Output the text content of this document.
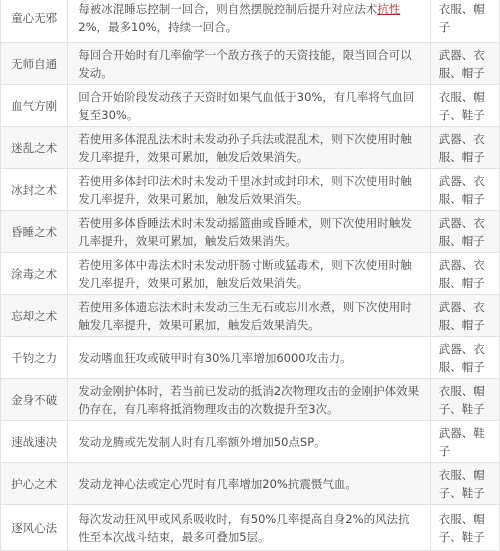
童心无邪	每被冰混睡忘控制一回合，则自然摆脱控制后提升对应法术抗性2%，最多10%，持续一回合。	衣服、帽子
无师自通	每回合开始时有几率偷学一个敌方孩子的天资技能，限当回合可以发动。	武器、衣服、帽子
血气方刚	回合开始阶段发动孩子天资时如果气血低于30%，有几率将气血回复至30%。	衣服、帽子、鞋子
迷乱之术	若使用多体混乱法术时未发动孙子兵法或混乱术，则下次使用时触发几率提升，效果可累加，触发后效果消失。	武器、衣服、帽子
冰封之术	若使用多体封印法术时未发动千里冰封或封印术，则下次使用时触发几率提升，效果可累加，触发后效果消失。	武器、衣服、帽子
昏睡之术	若使用多体昏睡法术时未发动摇篮曲或昏睡术，则下次使用时触发几率提升，效果可累加，触发后效果消失。	武器、衣服、帽子
涂毒之术	若使用多体中毒法术时未发动肝肠寸断或猛毒术，则下次使用时触发几率提升，效果可累加，触发后效果消失。	武器、衣服、帽子
忘却之术	若使用多体遗忘法术时未发动三生无石或忘川水煮，则下次使用时触发几率提升，效果可累加，触发后效果消失。	武器、衣服、帽子
千钧之力	发动嗜血狂攻或破甲时有30%几率增加6000攻击力。	武器、衣服、帽子
金身不破	发动金刚护体时，若当前已发动的抵消2次物理攻击的金刚护体效果仍存在，有几率将抵消物理攻击的次数提升至3次。	衣服、帽子、鞋子
速战速决	发动龙腾或先发制人时有几率额外增加50点SP。	武器、鞋子
护心之术	发动龙神心法或定心咒时有几率增加20%抗震慑气血。	衣服、帽子、鞋子
逐风心法	每次发动狂风甲或风系吸收时，有50%几率提高自身2%的风法抗性至本次战斗结束，最多可叠加5层。	衣服、帽子、鞋子
